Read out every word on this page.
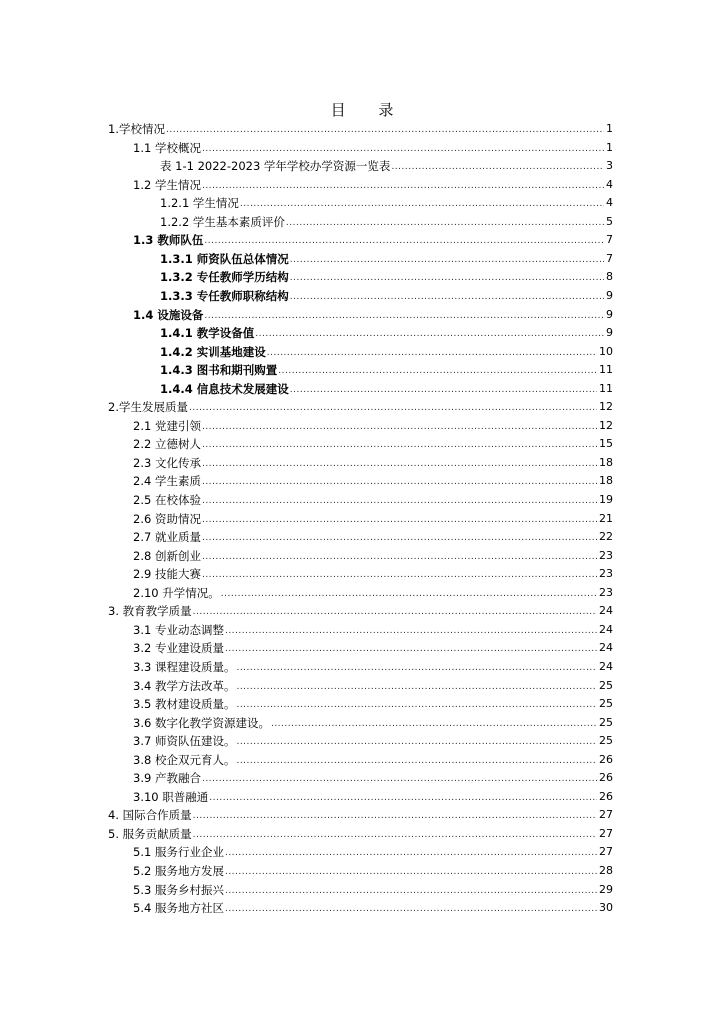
目 录
1.学校情况 .....	1
1.1 学校概况 .....	1
表 1-1 2022-2023 学年学校办学资源一览表 .....	3
1.2 学生情况 .....	4
1.2.1 学生情况 .....	4
1.2.2 学生基本素质评价 .....	5
1.3 教师队伍 .....	7
1.3.1 师资队伍总体情况 .....	7
1.3.2 专任教师学历结构 .....	8
1.3.3 专任教师职称结构 .....	9
1.4 设施设备 .....	9
1.4.1 教学设备值 .....	9
1.4.2 实训基地建设 .....	10
1.4.3 图书和期刊购置 .....	11
1.4.4 信息技术发展建设 .....	11
2.学生发展质量 .....	12
2.1 党建引领 .....	12
2.2 立德树人 .....	15
2.3 文化传承 .....	18
2.4 学生素质 .....	18
2.5 在校体验 .....	19
2.6 资助情况 .....	21
2.7 就业质量 .....	22
2.8 创新创业 .....	23
2.9 技能大赛 .....	23
2.10 升学情况。 .....	23
3. 教育教学质量 .....	24
3.1 专业动态调整 .....	24
3.2 专业建设质量 .....	24
3.3 课程建设质量。 .....	24
3.4 教学方法改革。 .....	25
3.5 教材建设质量。 .....	25
3.6 数字化教学资源建设。 .....	25
3.7 师资队伍建设。 .....	25
3.8 校企双元育人。 .....	26
3.9 产教融合 .....	26
3.10 职普融通 .....	26
4. 国际合作质量 .....	27
5. 服务贡献质量 .....	27
5.1 服务行业企业 .....	27
5.2 服务地方发展 .....	28
5.3 服务乡村振兴 .....	29
5.4 服务地方社区 .....	30
